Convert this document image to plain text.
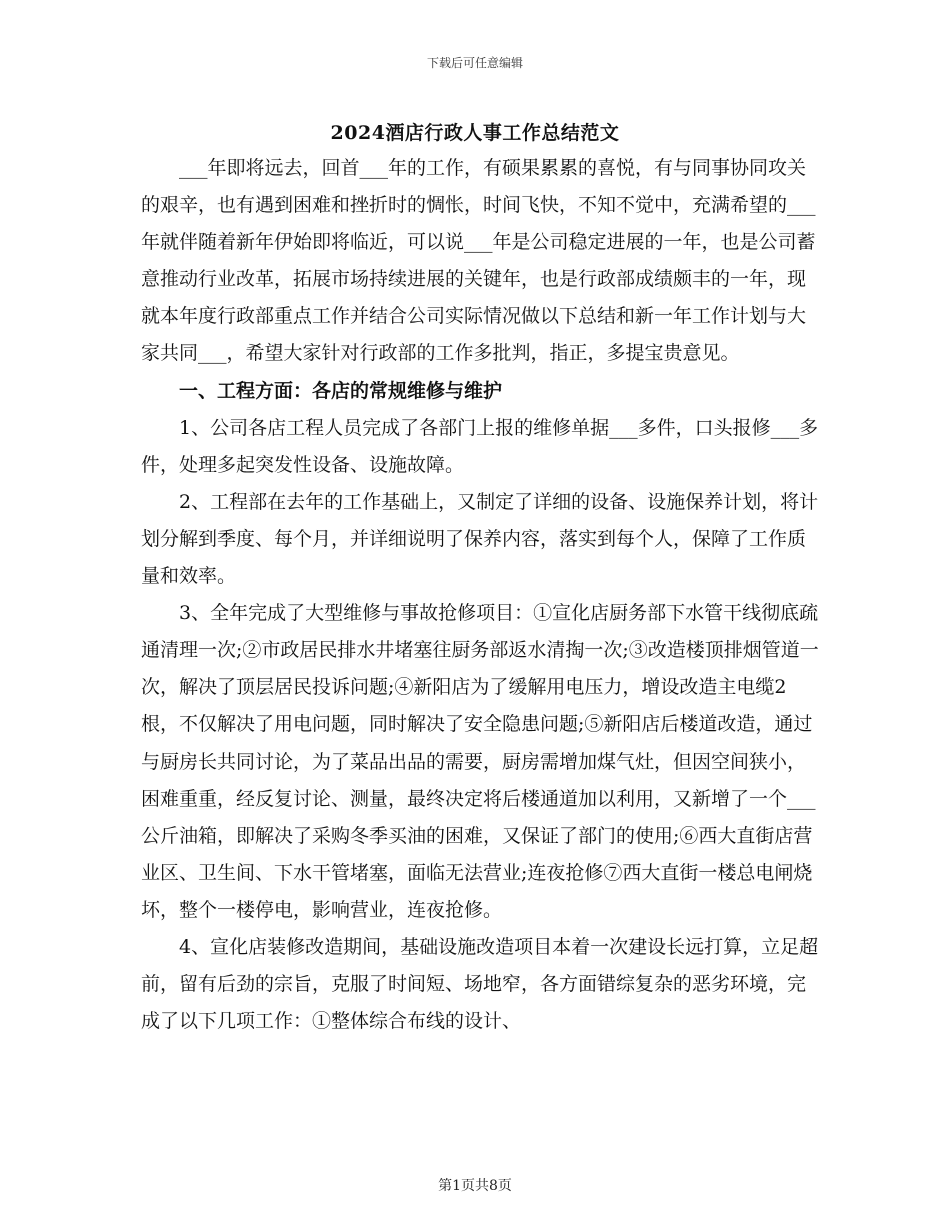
下载后可任意编辑
2024酒店行政人事工作总结范文

___年即将远去，回首___年的工作，有硕果累累的喜悦，有与同事协同攻关的艰辛，也有遇到困难和挫折时的惆怅，时间飞快，不知不觉中，充满希望的___年就伴随着新年伊始即将临近，可以说___年是公司稳定进展的一年，也是公司蓄意推动行业改革，拓展市场持续进展的关键年，也是行政部成绩颇丰的一年，现就本年度行政部重点工作并结合公司实际情况做以下总结和新一年工作计划与大家共同___，希望大家针对行政部的工作多批判，指正，多提宝贵意见。

一、工程方面：各店的常规维修与维护

1、公司各店工程人员完成了各部门上报的维修单据___多件，口头报修___多件，处理多起突发性设备、设施故障。

2、工程部在去年的工作基础上，又制定了详细的设备、设施保养计划，将计划分解到季度、每个月，并详细说明了保养内容，落实到每个人，保障了工作质量和效率。

3、全年完成了大型维修与事故抢修项目：①宣化店厨务部下水管干线彻底疏通清理一次;②市政居民排水井堵塞往厨务部返水清掏一次;③改造楼顶排烟管道一次，解决了顶层居民投诉问题;④新阳店为了缓解用电压力，增设改造主电缆2根，不仅解决了用电问题，同时解决了安全隐患问题;⑤新阳店后楼道改造，通过与厨房长共同讨论，为了菜品出品的需要，厨房需增加煤气灶，但因空间狭小，困难重重，经反复讨论、测量，最终决定将后楼通道加以利用，又新增了一个___公斤油箱，即解决了采购冬季买油的困难，又保证了部门的使用;⑥西大直街店营业区、卫生间、下水干管堵塞，面临无法营业;连夜抢修⑦西大直街一楼总电闸烧坏，整个一楼停电，影响营业，连夜抢修。

4、宣化店装修改造期间，基础设施改造项目本着一次建设长远打算，立足超前，留有后劲的宗旨，克服了时间短、场地窄，各方面错综复杂的恶劣环境，完成了以下几项工作：①整体综合布线的设计、

第1页共8页
